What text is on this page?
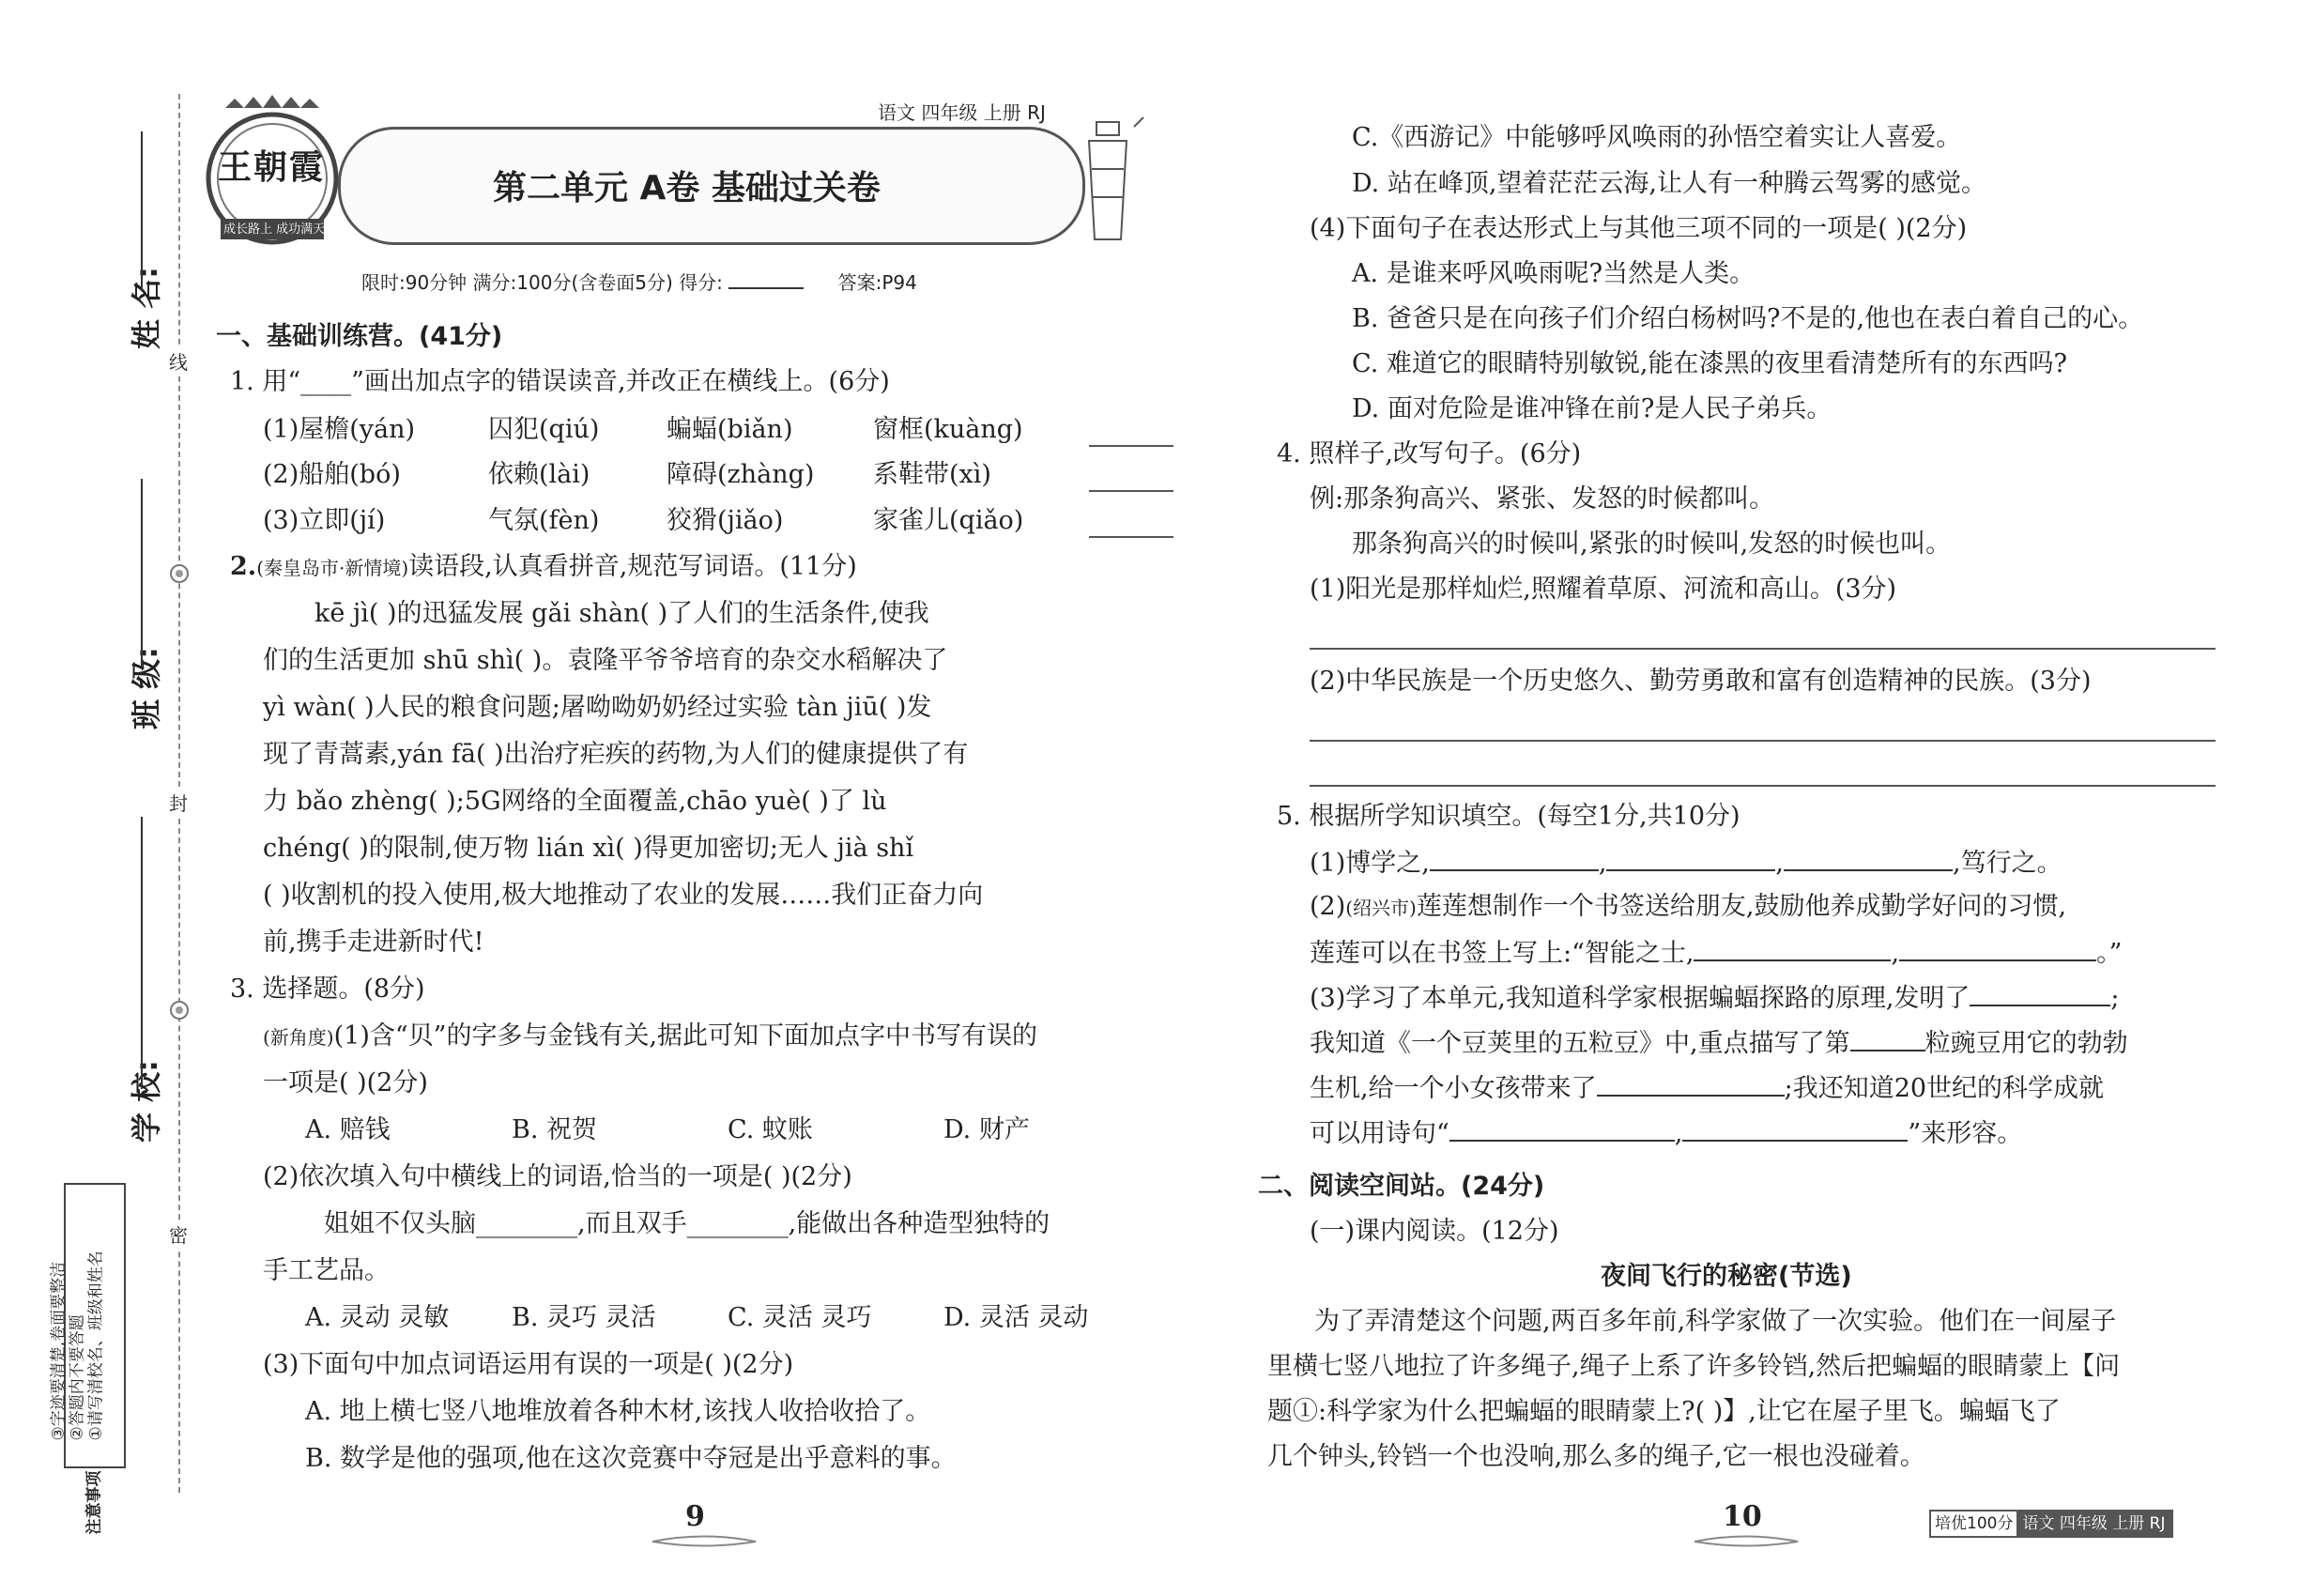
姓 名:
班 级:
学 校:
线
封
密
注意事项
①请写清校名、班级和姓名
②答题内不要答题
③字迹要清楚,卷面要整洁
王朝霞
成长路上 成功满天
语文 四年级 上册 RJ
第二单元 A卷 基础过关卷
限时:90分钟 满分:100分(含卷面5分) 得分:	答案:P94
一、基础训练营。(41分)
1. 用“____”画出加点字的错误读音,并改正在横线上。(6分)
(1)屋檐(yán)	囚犯(qiú)	蝙蝠(biǎn)	窗框(kuàng)
(2)船舶(bó)	依赖(lài)	障碍(zhàng) 系鞋带(xì)
(3)立即(jí)	气氛(fèn)	狡猾(jiǎo)	家雀儿(qiǎo)
2.(秦皇岛市·新情境)读语段,认真看拼音,规范写词语。(11分)
kē jì( )的迅猛发展 gǎi shàn( )了人们的生活条件,使我
们的生活更加 shū shì( )。袁隆平爷爷培育的杂交水稻解决了
yì wàn( )人民的粮食问题;屠呦呦奶奶经过实验 tàn jiū( )发
现了青蒿素,yán fā( )出治疗疟疾的药物,为人们的健康提供了有
力 bǎo zhèng( );5G网络的全面覆盖,chāo yuè( )了 lù
chéng( )的限制,使万物 lián xì( )得更加密切;无人 jià shǐ
( )收割机的投入使用,极大地推动了农业的发展……我们正奋力向
前,携手走进新时代!
3. 选择题。(8分)
(新角度)(1)含“贝”的字多与金钱有关,据此可知下面加点字中书写有误的
一项是( )(2分)
A. 赔钱	B. 祝贺	C. 蚊账	D. 财产
(2)依次填入句中横线上的词语,恰当的一项是( )(2分)
姐姐不仅头脑________,而且双手________,能做出各种造型独特的
手工艺品。
A. 灵动 灵敏 B. 灵巧 灵活	C. 灵活 灵巧	D. 灵活 灵动
(3)下面句中加点词语运用有误的一项是( )(2分)
A. 地上横七竖八地堆放着各种木材,该找人收拾收拾了。
B. 数学是他的强项,他在这次竞赛中夺冠是出乎意料的事。
9
C.《西游记》中能够呼风唤雨的孙悟空着实让人喜爱。
D. 站在峰顶,望着茫茫云海,让人有一种腾云驾雾的感觉。
(4)下面句子在表达形式上与其他三项不同的一项是( )(2分)
A. 是谁来呼风唤雨呢?当然是人类。
B. 爸爸只是在向孩子们介绍白杨树吗?不是的,他也在表白着自己的心。
C. 难道它的眼睛特别敏锐,能在漆黑的夜里看清楚所有的东西吗?
D. 面对危险是谁冲锋在前?是人民子弟兵。
4. 照样子,改写句子。(6分)
例:那条狗高兴、紧张、发怒的时候都叫。
那条狗高兴的时候叫,紧张的时候叫,发怒的时候也叫。
(1)阳光是那样灿烂,照耀着草原、河流和高山。(3分)
(2)中华民族是一个历史悠久、勤劳勇敢和富有创造精神的民族。(3分)
5. 根据所学知识填空。(每空1分,共10分)
(1)博学之,	,	,	,笃行之。
(2)(绍兴市)莲莲想制作一个书签送给朋友,鼓励他养成勤学好问的习惯,
莲莲可以在书签上写上:“智能之士,	,	。”
(3)学习了本单元,我知道科学家根据蝙蝠探路的原理,发明了	;
我知道《一个豆荚里的五粒豆》中,重点描写了第	粒豌豆用它的勃勃
生机,给一个小女孩带来了	;我还知道20世纪的科学成就
可以用诗句“	,	”来形容。
二、阅读空间站。(24分)
(一)课内阅读。(12分)
夜间飞行的秘密(节选)
为了弄清楚这个问题,两百多年前,科学家做了一次实验。他们在一间屋子
里横七竖八地拉了许多绳子,绳子上系了许多铃铛,然后把蝙蝠的眼睛蒙上【问
题①:科学家为什么把蝙蝠的眼睛蒙上?( )】,让它在屋子里飞。蝙蝠飞了
几个钟头,铃铛一个也没响,那么多的绳子,它一根也没碰着。
10	培优100分 语文 四年级 上册 RJ
